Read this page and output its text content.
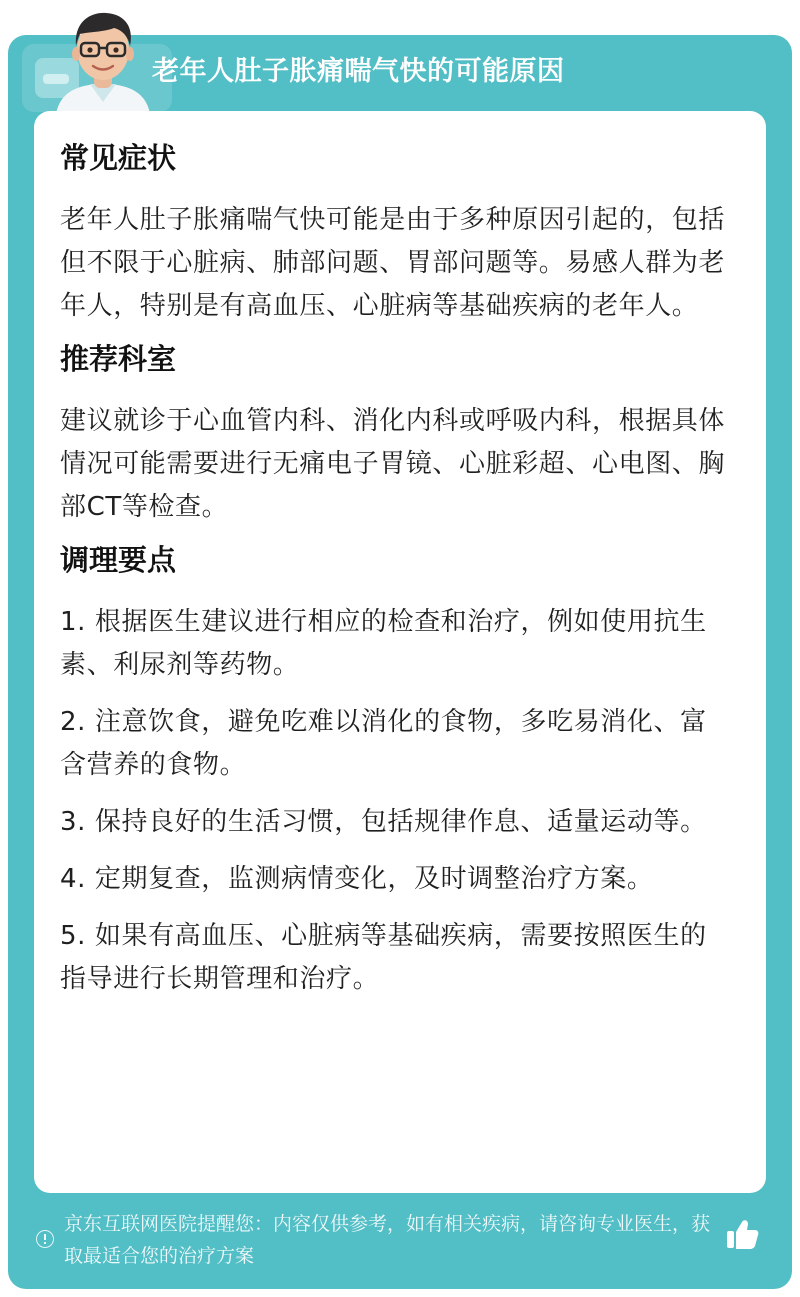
老年人肚子胀痛喘气快的可能原因
常见症状

老年人肚子胀痛喘气快可能是由于多种原因引起的，包括但不限于心脏病、肺部问题、胃部问题等。易感人群为老年人，特别是有高血压、心脏病等基础疾病的老年人。

推荐科室

建议就诊于心血管内科、消化内科或呼吸内科，根据具体情况可能需要进行无痛电子胃镜、心脏彩超、心电图、胸部CT等检查。

调理要点
1. 根据医生建议进行相应的检查和治疗，例如使用抗生素、利尿剂等药物。
2. 注意饮食，避免吃难以消化的食物，多吃易消化、富含营养的食物。
3. 保持良好的生活习惯，包括规律作息、适量运动等。
4. 定期复查，监测病情变化，及时调整治疗方案。
5. 如果有高血压、心脏病等基础疾病，需要按照医生的指导进行长期管理和治疗。
京东互联网医院提醒您：内容仅供参考，如有相关疾病，请咨询专业医生，获取最适合您的治疗方案
